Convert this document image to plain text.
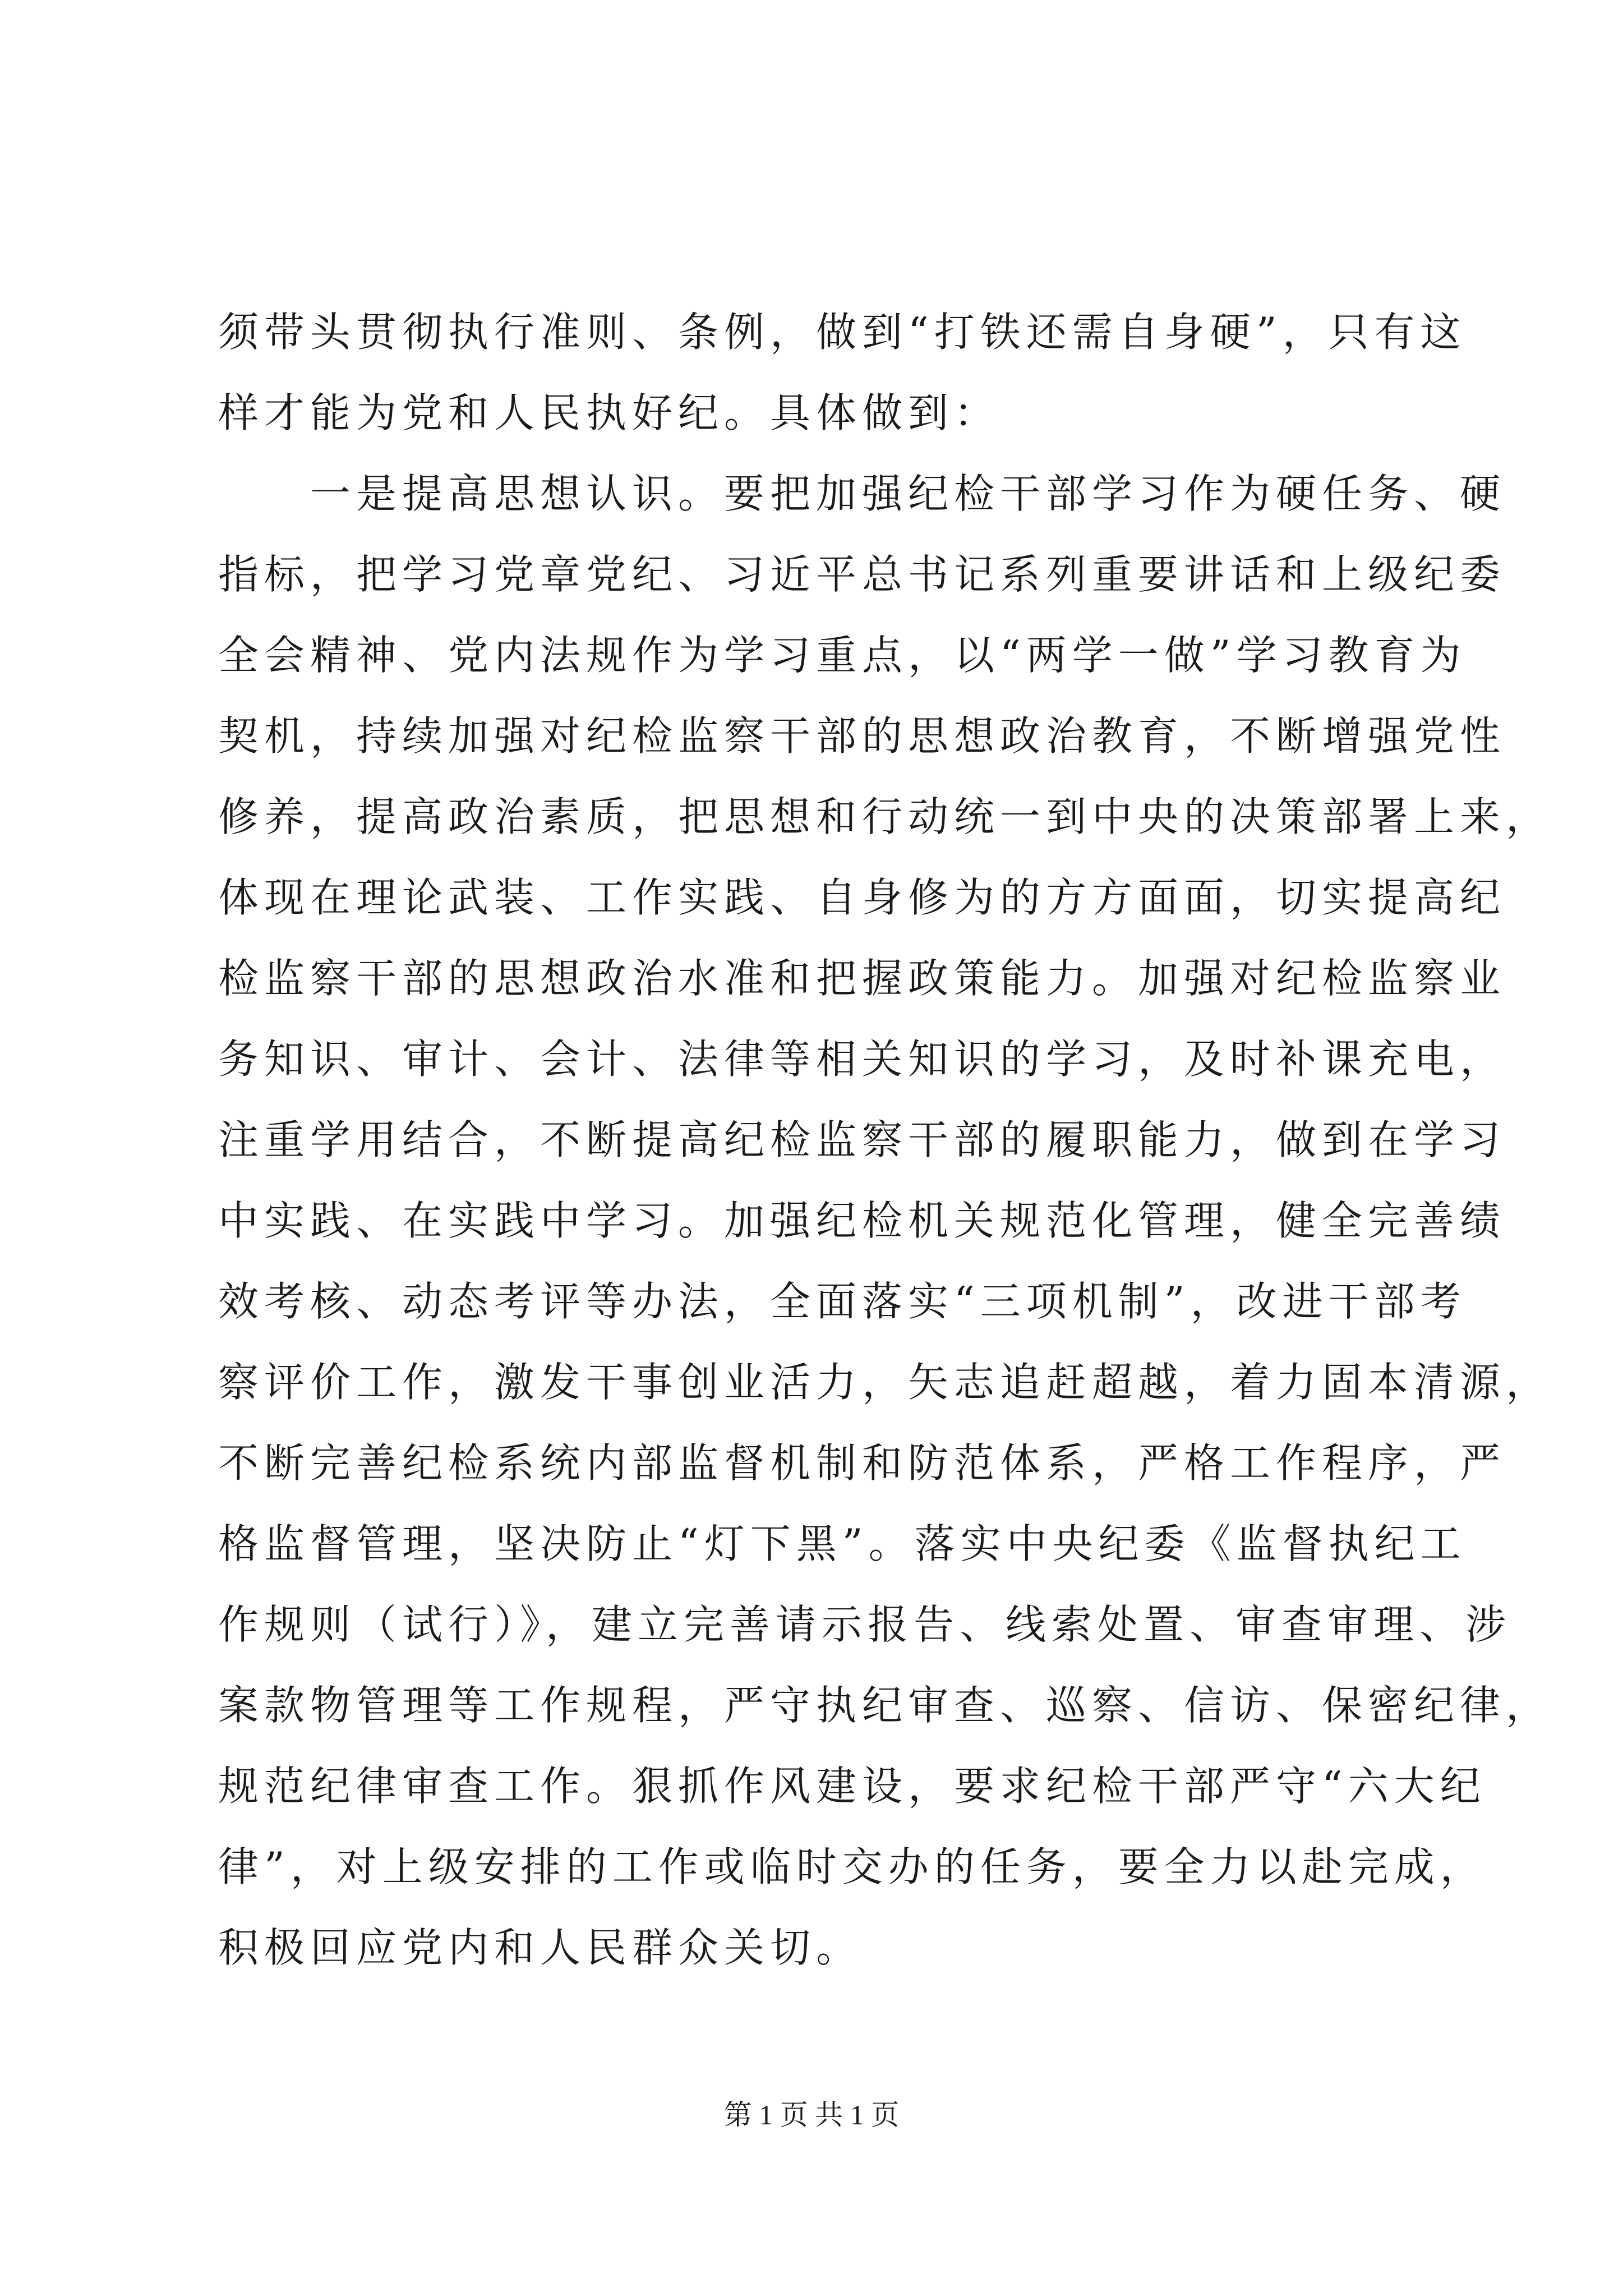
须带头贯彻执行准则、条例，做到“打铁还需自身硬”，只有这
样才能为党和人民执好纪。具体做到：
一是提高思想认识。要把加强纪检干部学习作为硬任务、硬
指标，把学习党章党纪、习近平总书记系列重要讲话和上级纪委
全会精神、党内法规作为学习重点，以“两学一做”学习教育为
契机，持续加强对纪检监察干部的思想政治教育，不断增强党性
修养，提高政治素质，把思想和行动统一到中央的决策部署上来，
体现在理论武装、工作实践、自身修为的方方面面，切实提高纪
检监察干部的思想政治水准和把握政策能力。加强对纪检监察业
务知识、审计、会计、法律等相关知识的学习，及时补课充电，
注重学用结合，不断提高纪检监察干部的履职能力，做到在学习
中实践、在实践中学习。加强纪检机关规范化管理，健全完善绩
效考核、动态考评等办法，全面落实“三项机制”，改进干部考
察评价工作，激发干事创业活力，矢志追赶超越，着力固本清源，
不断完善纪检系统内部监督机制和防范体系，严格工作程序，严
格监督管理，坚决防止“灯下黑”。落实中央纪委《监督执纪工
作规则（试行）》，建立完善请示报告、线索处置、审查审理、涉
案款物管理等工作规程，严守执纪审查、巡察、信访、保密纪律，
规范纪律审查工作。狠抓作风建设，要求纪检干部严守“六大纪
律”，对上级安排的工作或临时交办的任务，要全力以赴完成，
积极回应党内和人民群众关切。
第 1 页 共 1 页
